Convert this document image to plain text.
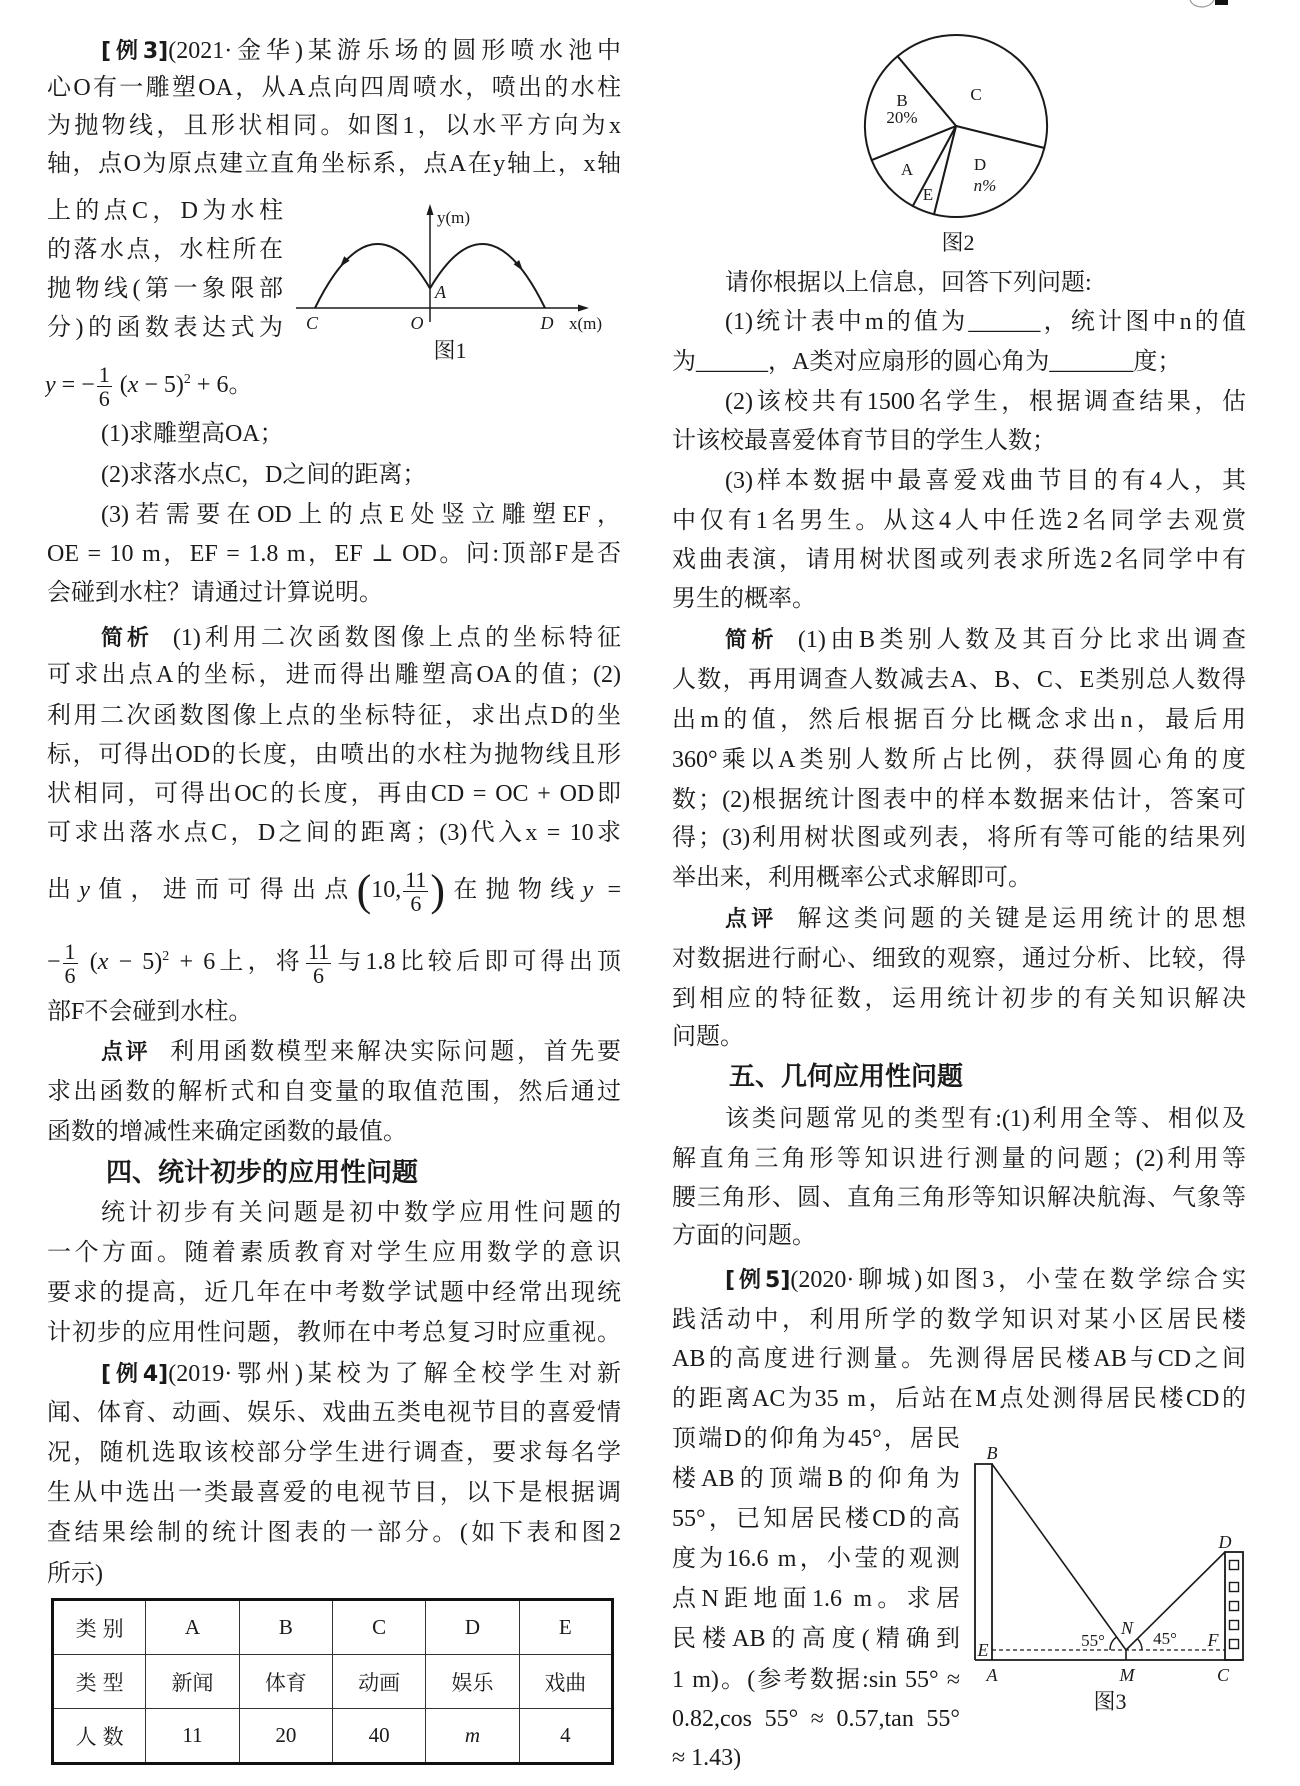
[例3](2021·金华)某游乐场的圆形喷水池中
心O有一雕塑OA，从A点向四周喷水，喷出的水柱
为抛物线，且形状相同。如图1，以水平方向为x
轴，点O为原点建立直角坐标系，点A在y轴上，x轴
上的点C，D为水柱
的落水点，水柱所在
抛物线(第一象限部
分)的函数表达式为
y = − $\frac{1}{6} (x - 5)^2 + 6$。
(1)求雕塑高OA；
(2)求落水点C，D之间的距离；
(3)若需要在OD上的点E处竖立雕塑EF，
OE = 10 m，EF = 1.8 m，EF ⊥ OD。问:顶部F是否
会碰到水柱？请通过计算说明。
简析 (1)利用二次函数图像上点的坐标特征
可求出点A的坐标，进而得出雕塑高OA的值；(2)
利用二次函数图像上点的坐标特征，求出点D的坐
标，可得出OD的长度，由喷出的水柱为抛物线且形
状相同，可得出OC的长度，再由CD = OC + OD即
可求出落水点C，D之间的距离；(3)代入x = 10求
出y值，进而可得出点(10, $\frac{11}{6}$ )在抛物线y =
− $\frac{1}{6} (x - 5)^2 + 6$上，将 $\frac{11}{6}$ 与1.8比较后即可得出顶
部F不会碰到水柱。
点评 利用函数模型来解决实际问题，首先要
求出函数的解析式和自变量的取值范围，然后通过
函数的增减性来确定函数的最值。
四、统计初步的应用性问题
统计初步有关问题是初中数学应用性问题的
一个方面。随着素质教育对学生应用数学的意识
要求的提高，近几年在中考数学试题中经常出现统
计初步的应用性问题，教师在中考总复习时应重视。
[例4](2019·鄂州)某校为了解全校学生对新
闻、体育、动画、娱乐、戏曲五类电视节目的喜爱情
况，随机选取该校部分学生进行调查，要求每名学
生从中选出一类最喜爱的电视节目，以下是根据调
查结果绘制的统计图表的一部分。(如下表和图2
所示)
类别	A	B	C	D	E
类型	新闻	体育	动画	娱乐	戏曲
人数	11	20	40	m	4
y(m)
A
C	O	D x(m)
图1
C
D
n%
E
A
B
20%
图2
请你根据以上信息，回答下列问题:
(1)统计表中m的值为______，统计图中n的值
为______，A类对应扇形的圆心角为_______度；
(2)该校共有1500名学生，根据调查结果，估
计该校最喜爱体育节目的学生人数；
(3)样本数据中最喜爱戏曲节目的有4人，其
中仅有1名男生。从这4人中任选2名同学去观赏
戏曲表演，请用树状图或列表求所选2名同学中有
男生的概率。
简析 (1)由B类别人数及其百分比求出调查
人数，再用调查人数减去A、B、C、E类别总人数得
出m的值，然后根据百分比概念求出n，最后用
360°乘以A类别人数所占比例，获得圆心角的度
数；(2)根据统计图表中的样本数据来估计，答案可
得；(3)利用树状图或列表，将所有等可能的结果列
举出来，利用概率公式求解即可。
点评 解这类问题的关键是运用统计的思想
对数据进行耐心、细致的观察，通过分析、比较，得
到相应的特征数，运用统计初步的有关知识解决
问题。
五、几何应用性问题
该类问题常见的类型有:(1)利用全等、相似及
解直角三角形等知识进行测量的问题；(2)利用等
腰三角形、圆、直角三角形等知识解决航海、气象等
方面的问题。
[例5](2020·聊城)如图3，小莹在数学综合实
践活动中，利用所学的数学知识对某小区居民楼
AB的高度进行测量。先测得居民楼AB与CD之间
的距离AC为35 m，后站在M点处测得居民楼CD的
顶端D的仰角为45°，居民
楼AB的顶端B的仰角为
55°，已知居民楼CD的高
度为16.6 m，小莹的观测
点N距地面1.6 m。求居
民楼AB的高度(精确到
1 m)。(参考数据:sin 55° ≈
0.82,cos 55° ≈ 0.57,tan 55°
≈ 1.43)
B
D
N
55°	45° F
E
A	M	C
图3
